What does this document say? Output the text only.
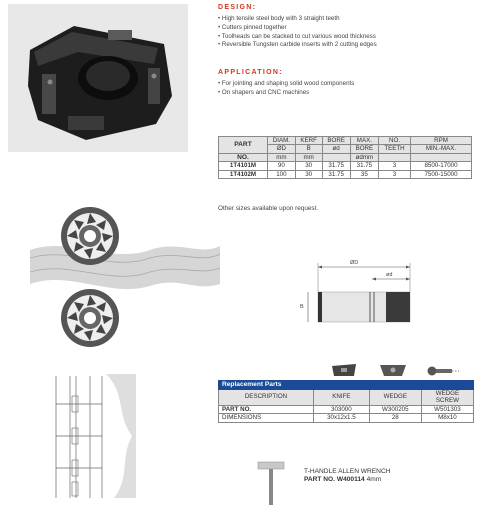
DESIGN:
• High tensile steel body with 3 straight teeth
• Cutters pinned together
• Toolheads can be stacked to cut various wood thickness
• Reversible Tungsten carbide inserts with 2 cutting edges
APPLICATION:
• For jointing and shaping solid wood components
• On shapers and CNC machines
PART	DIAM.	KERF	BORE	MAX.	NO.	RPM
	ØD	B	ød	BORE	TEETH	MIN.-MAX.
NO.	mm	mm		ødmm		
1T4101M	90	30	31.75	31.75	3	8500-17000
1T4102M	100	30	31.75	35	3	7500-15000
Other sizes available upon request.
ØD
ød
B
Replacement Parts			
DESCRIPTION	KNIFE	WEDGE	WEDGE
SCREW
PART NO.	303000	W300205	W501303
DIMENSIONS	30x12x1.5	28	M8x10
T-HANDLE ALLEN WRENCH
PART NO. W400114 4mm
